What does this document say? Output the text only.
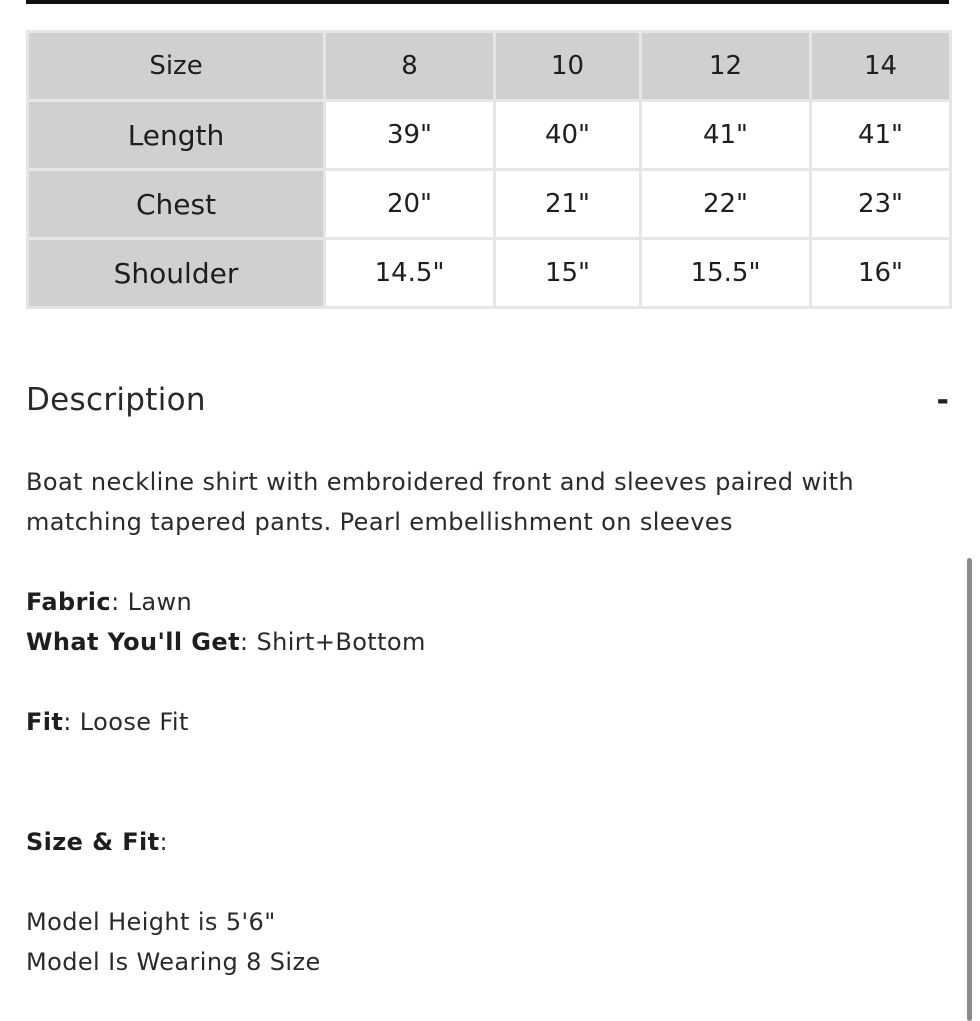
Size	8	10	12	14
Length	39"	40"	41"	41"
Chest	20"	21"	22"	23"
Shoulder	14.5"	15"	15.5"	16"
Description	-

Boat neckline shirt with embroidered front and sleeves paired with matching tapered pants. Pearl embellishment on sleeves

Fabric: Lawn

What You'll Get: Shirt+Bottom

Fit: Loose Fit

Size & Fit:

Model Height is 5'6"

Model Is Wearing 8 Size
